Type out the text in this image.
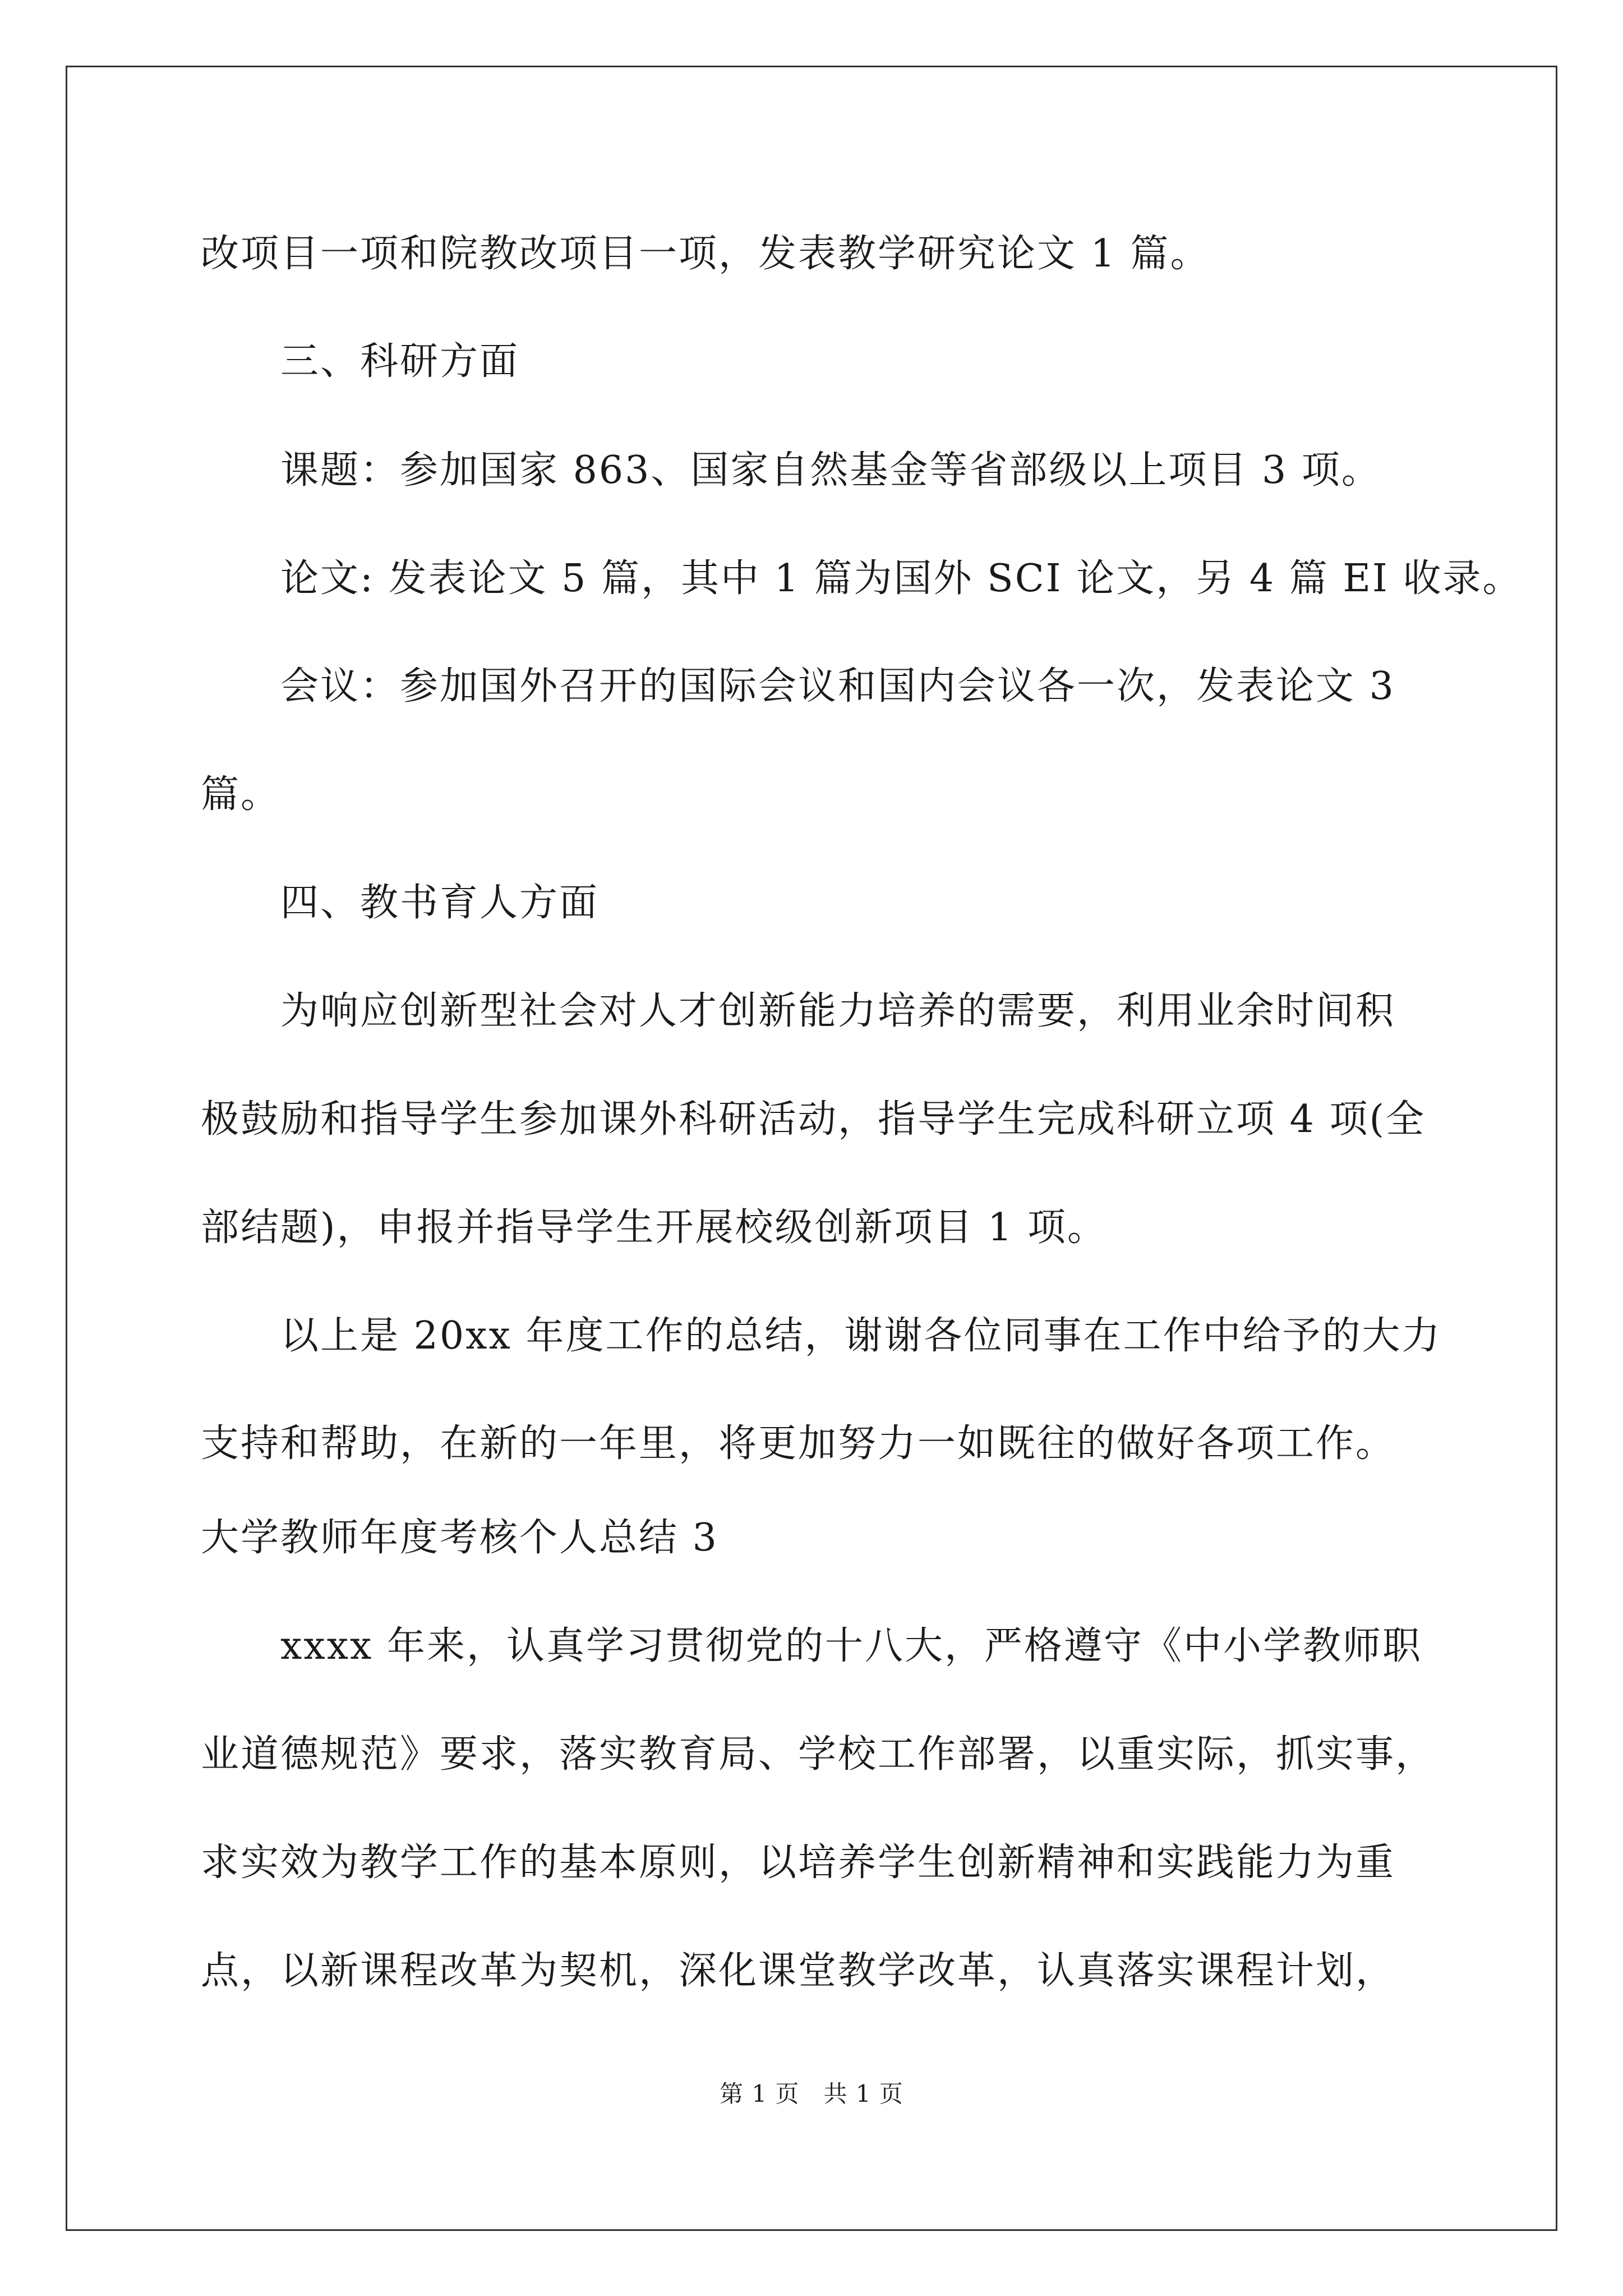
改项目一项和院教改项目一项，发表教学研究论文 1 篇。
三、科研方面
课题：参加国家 863、国家自然基金等省部级以上项目 3 项。
论文: 发表论文 5 篇，其中 1 篇为国外 SCI 论文，另 4 篇 EI 收录。
会议：参加国外召开的国际会议和国内会议各一次，发表论文 3
篇。
四、教书育人方面
为响应创新型社会对人才创新能力培养的需要，利用业余时间积
极鼓励和指导学生参加课外科研活动，指导学生完成科研立项 4 项(全
部结题)，申报并指导学生开展校级创新项目 1 项。
以上是 20xx 年度工作的总结，谢谢各位同事在工作中给予的大力
支持和帮助，在新的一年里，将更加努力一如既往的做好各项工作。
大学教师年度考核个人总结 3
xxxx 年来，认真学习贯彻党的十八大，严格遵守《中小学教师职
业道德规范》要求，落实教育局、学校工作部署，以重实际，抓实事，
求实效为教学工作的基本原则，以培养学生创新精神和实践能力为重
点，以新课程改革为契机，深化课堂教学改革，认真落实课程计划，
第 1 页　共 1 页
